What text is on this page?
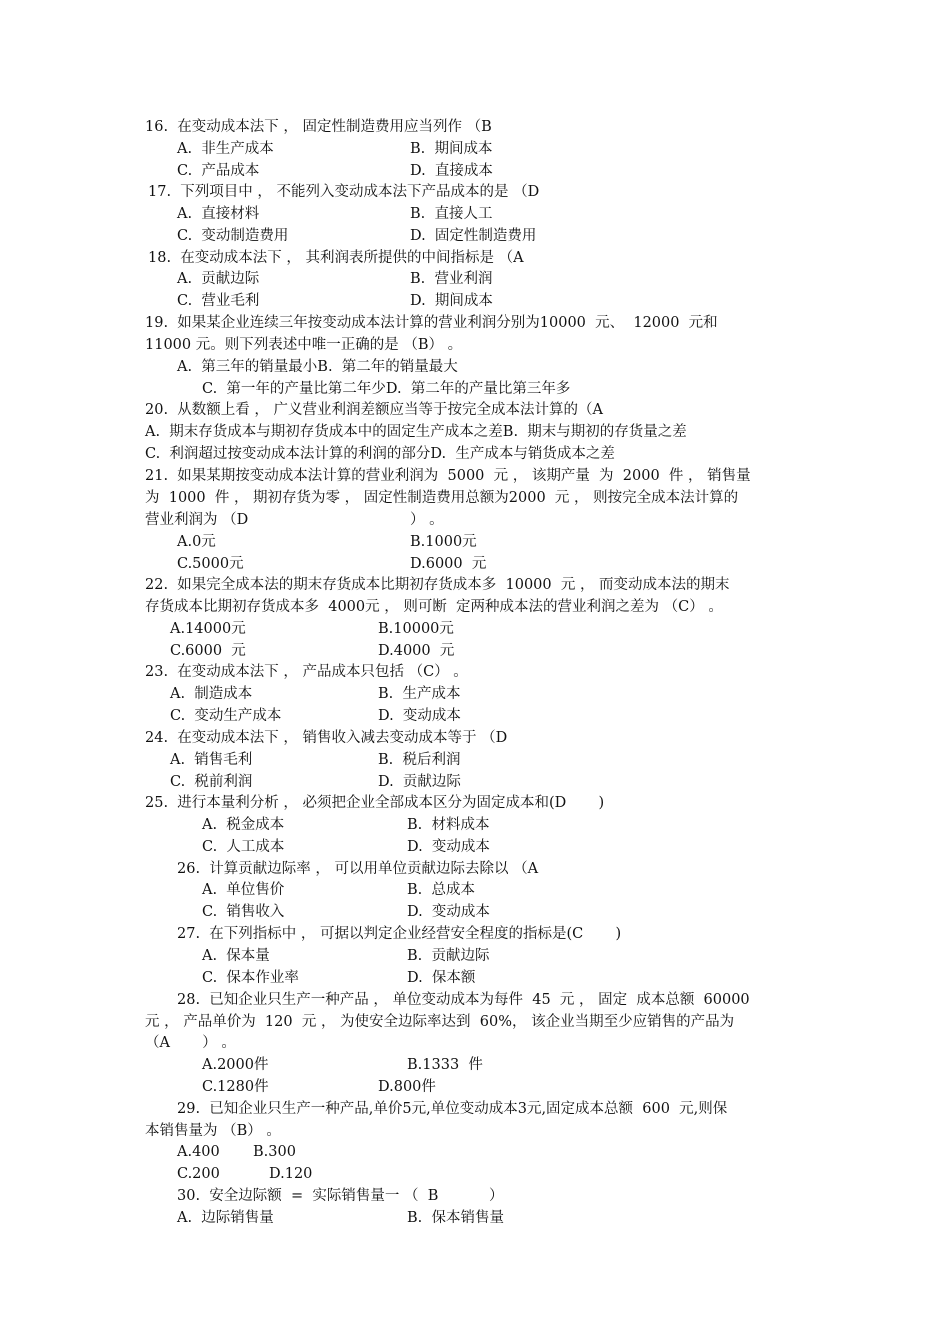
16.  在变动成本法下 ， 固定性制造费用应当列作 （B
A.  非生产成本	B.  期间成本
C.  产品成本	D.  直接成本
17.  下列项目中 ， 不能列入变动成本法下产品成本的是 （D
A.  直接材料	B.  直接人工
C.  变动制造费用	D.  固定性制造费用
18.  在变动成本法下 ， 其利润表所提供的中间指标是 （A
A.  贡献边际	B.  营业利润
C.  营业毛利	D.  期间成本
19.  如果某企业连续三年按变动成本法计算的营业利润分别为10000  元、  12000  元和
11000 元。则下列表述中唯一正确的是 （B） 。
A.  第三年的销量最小B.  第二年的销量最大
C.  第一年的产量比第二年少D.  第二年的产量比第三年多
20.  从数额上看 ， 广义营业利润差额应当等于按完全成本法计算的（A
A.  期末存货成本与期初存货成本中的固定生产成本之差B.  期末与期初的存货量之差
C.  利润超过按变动成本法计算的利润的部分D.  生产成本与销货成本之差
21.  如果某期按变动成本法计算的营业利润为  5000  元 ， 该期产量  为  2000  件 ， 销售量
为  1000  件 ， 期初存货为零 ， 固定性制造费用总额为2000  元 ， 则按完全成本法计算的
营业利润为 （D	） 。
A.0元	B.1000元
C.5000元	D.6000  元
22.  如果完全成本法的期末存货成本比期初存货成本多  10000  元 ， 而变动成本法的期末
存货成本比期初存货成本多  4000元 ， 则可断  定两种成本法的营业利润之差为 （C） 。
A.14000元	B.10000元
C.6000  元	D.4000  元
23.  在变动成本法下 ， 产品成本只包括 （C） 。
A.  制造成本	B.  生产成本
C.  变动生产成本	D.  变动成本
24.  在变动成本法下 ， 销售收入减去变动成本等于 （D
A.  销售毛利	B.  税后利润
C.  税前利润	D.  贡献边际
25.  进行本量利分析 ， 必须把企业全部成本区分为固定成本和(D       )
A.  税金成本	B.  材料成本
C.  人工成本	D.  变动成本
26.  计算贡献边际率 ， 可以用单位贡献边际去除以 （A
A.  单位售价	B.  总成本
C.  销售收入	D.  变动成本
27.  在下列指标中 ， 可据以判定企业经营安全程度的指标是(C       )
A.  保本量	B.  贡献边际
C.  保本作业率	D.  保本额
28.  已知企业只生产一种产品 ， 单位变动成本为每件  45  元 ， 固定  成本总额  60000
元 ， 产品单价为  120  元 ， 为使安全边际率达到  60%， 该企业当期至少应销售的产品为
（A       ） 。
A.2000件	B.1333  件
C.1280件	D.800件
29.  已知企业只生产一种产品,单价5元,单位变动成本3元,固定成本总额  600  元,则保
本销售量为 （B） 。
A.400 B.300
C.200	D.120
30.  安全边际额  =  实际销售量一 （  B           ）
A.  边际销售量	B.  保本销售量
